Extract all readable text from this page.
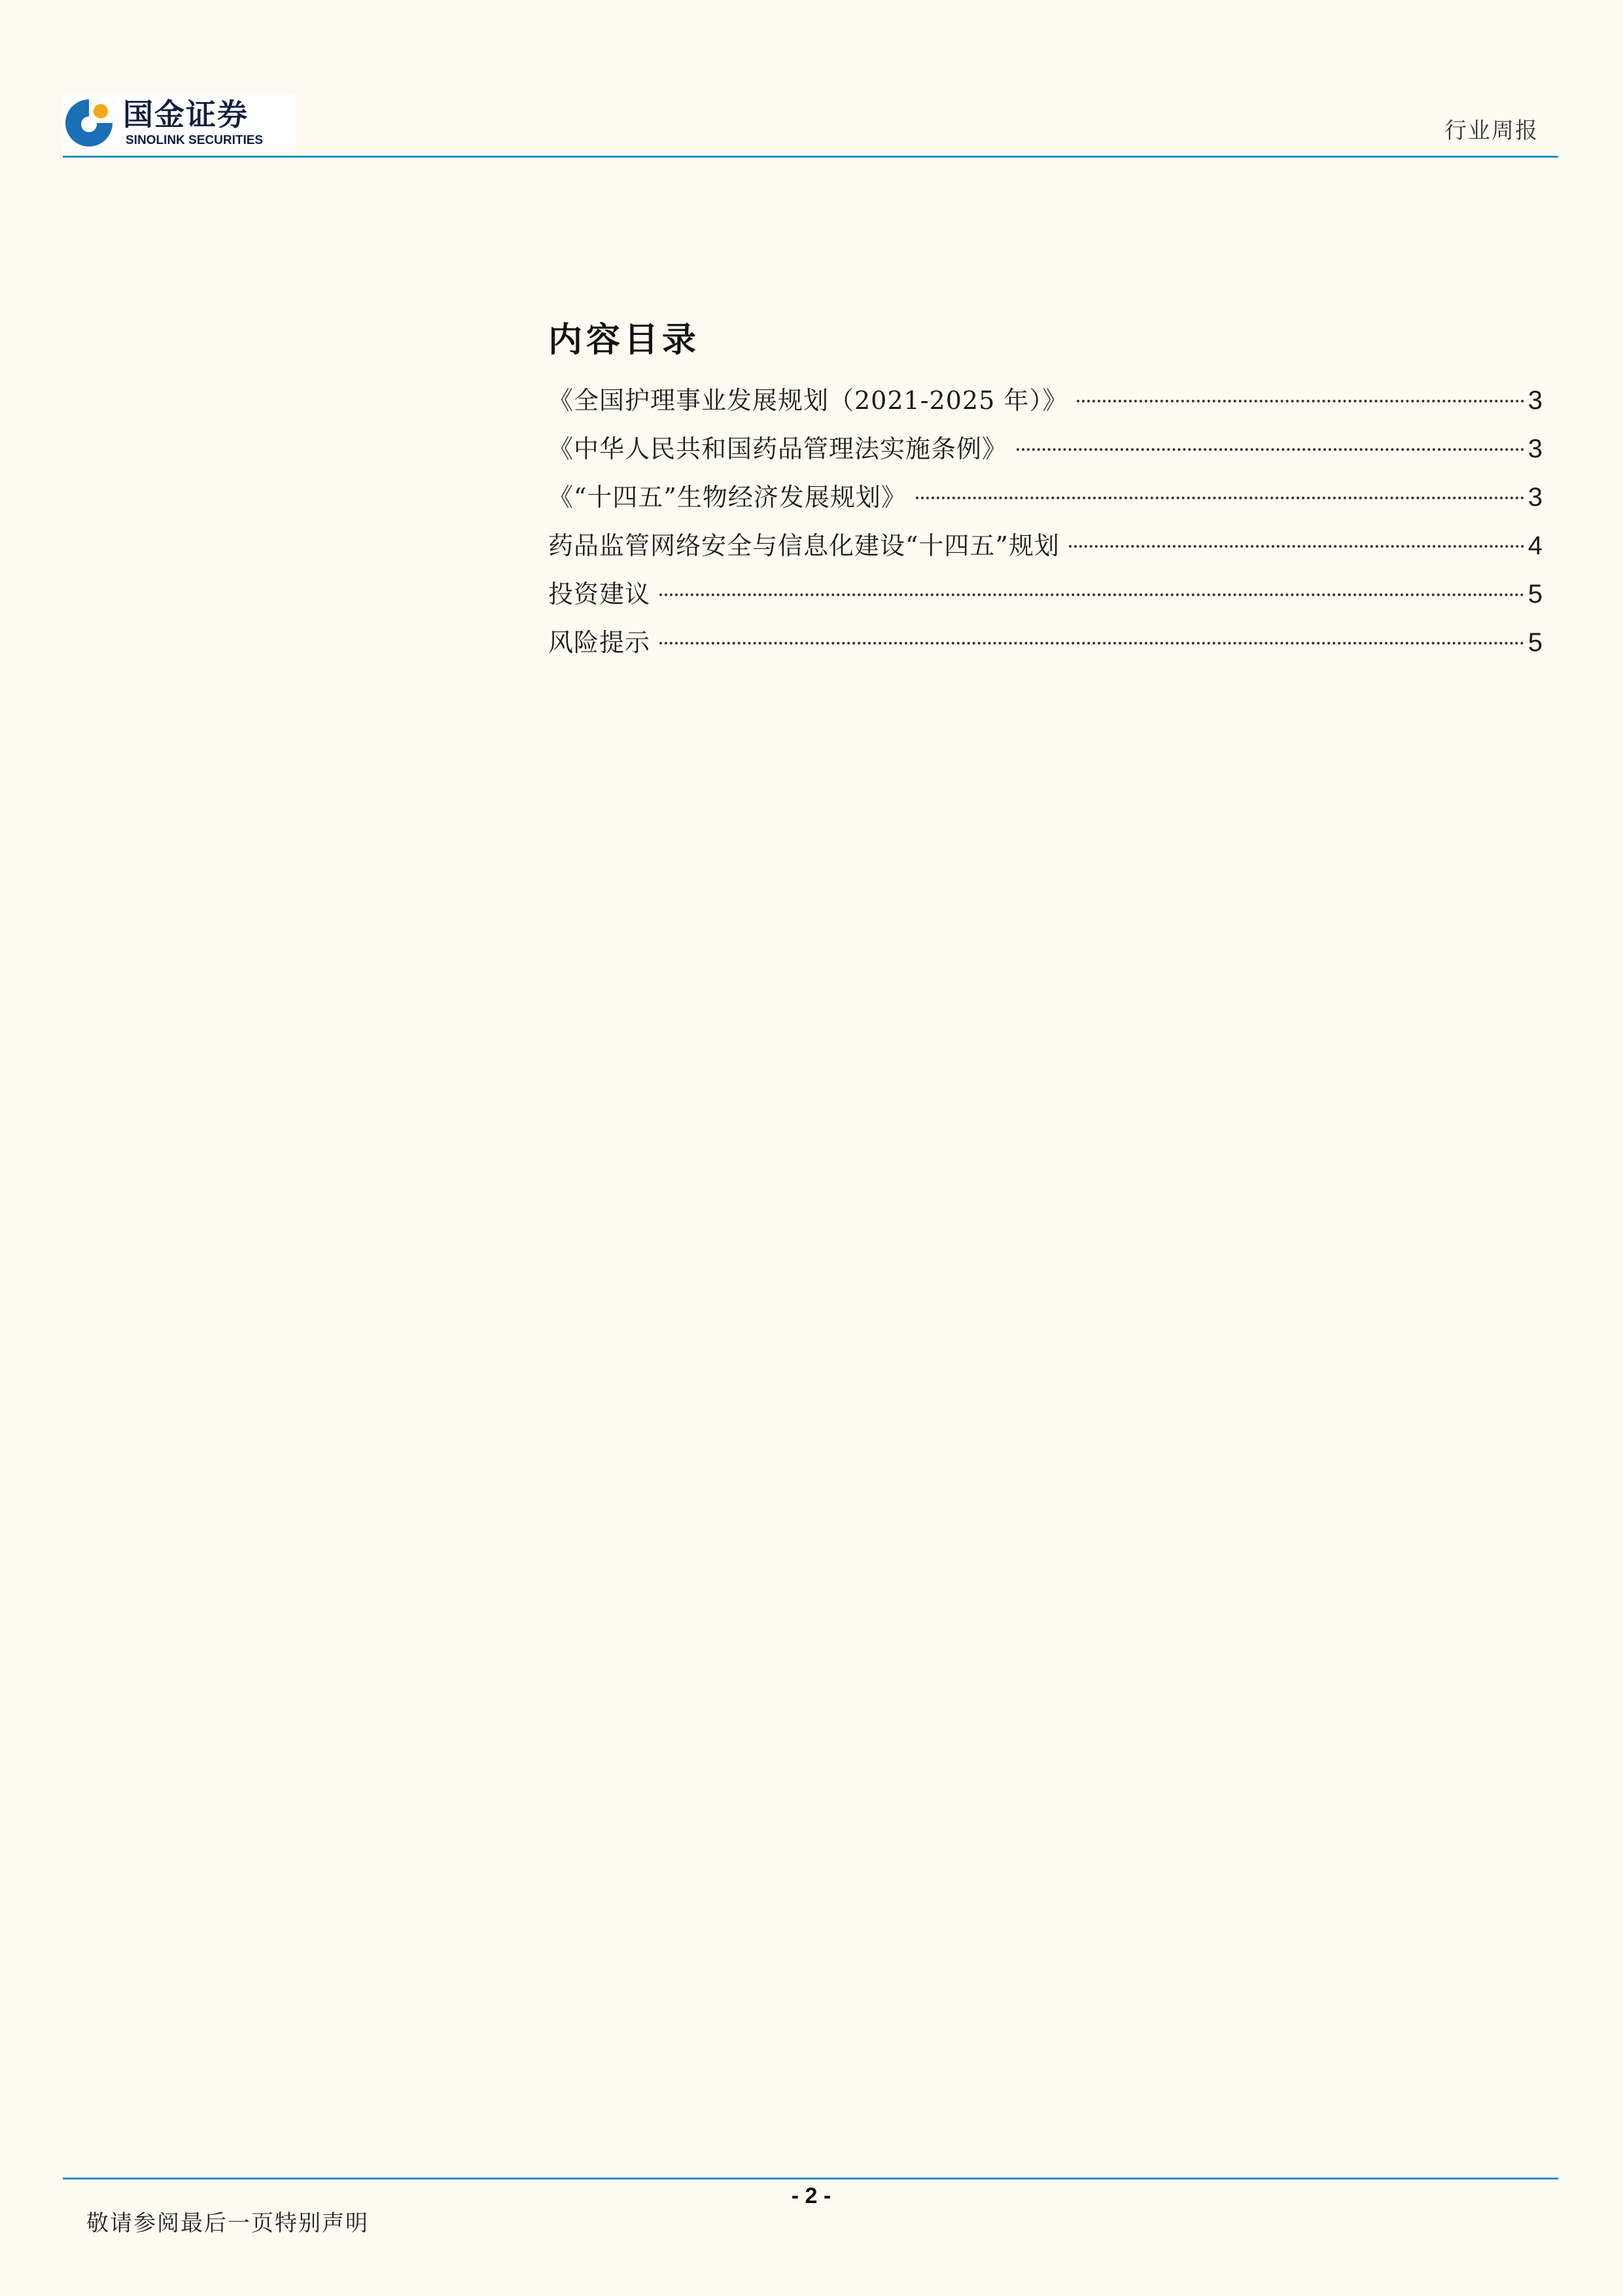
国金证券
SINOLINK SECURITIES	行业周报
内容目录
《全国护理事业发展规划（2021-2025 年）》	3
《中华人民共和国药品管理法实施条例》	3
《“十四五”生物经济发展规划》	3
药品监管网络安全与信息化建设“十四五”规划	4
投资建议	5
风险提示	5
- 2 -
敬请参阅最后一页特别声明
